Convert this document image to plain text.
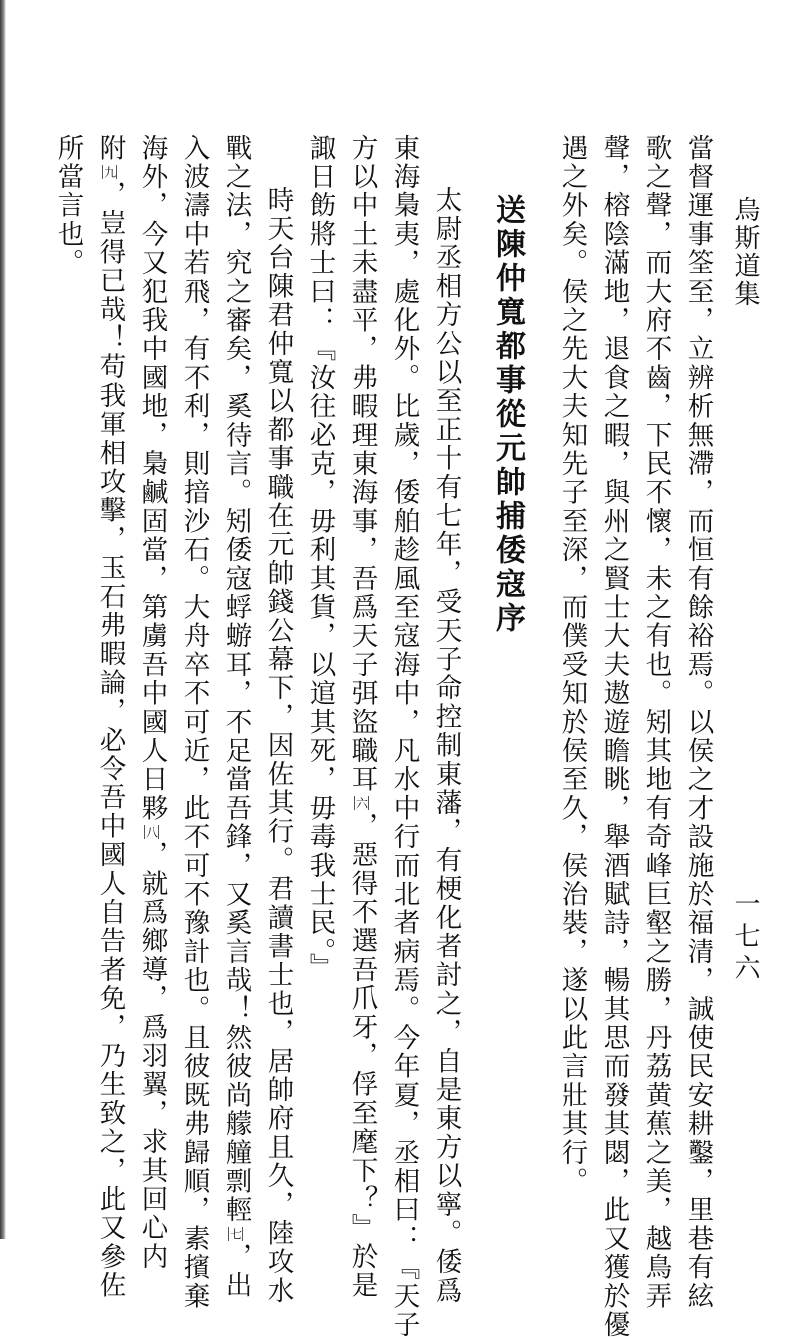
烏斯道集
一七六
當督運事筌至，立辨析無滯，而恒有餘裕焉。以侯之才設施於福清，誠使民安耕鑿，里巷有絃
歌之聲，而大府不齒，下民不懷，未之有也。矧其地有奇峰巨壑之勝，丹荔黄蕉之美，越鳥弄
聲，榕陰滿地，退食之暇，與州之賢士大夫遨遊瞻眺，舉酒賦詩，暢其思而發其閟，此又獲於優
遇之外矣。侯之先大夫知先子至深，而僕受知於侯至久，侯治裝，遂以此言壯其行。
送陳仲寬都事從元帥捕倭寇序
太尉丞相方公以至正十有七年，受天子命控制東藩，有梗化者討之，自是東方以寧。倭爲
東海梟夷，處化外。比歲，倭舶趁風至寇海中，凡水中行而北者病焉。今年夏，丞相曰：『天子
方以中土未盡平，弗暇理東海事，吾爲天子弭盜職耳六，惡得不選吾爪牙，俘至麾下？』於是
諏日飭將士曰：『汝往必克，毋利其貨，以逭其死，毋毒我士民。』
時天台陳君仲寬以都事職在元帥錢公幕下，因佐其行。君讀書士也，居帥府且久，陸攻水
戰之法，究之審矣，奚待言。矧倭寇蜉蝣耳，不足當吾鋒，又奚言哉！然彼尚艨艟剽輕七，出
入波濤中若飛，有不利，則揞沙石。大舟卒不可近，此不可不豫計也。且彼既弗歸順，素擯棄
海外，今又犯我中國地，梟鹹固當，第虜吾中國人日夥八，就爲鄉導，爲羽翼，求其回心内
附九，豈得已哉！苟我軍相攻擊，玉石弗暇論，必令吾中國人自告者免，乃生致之，此又參佐
所當言也。
